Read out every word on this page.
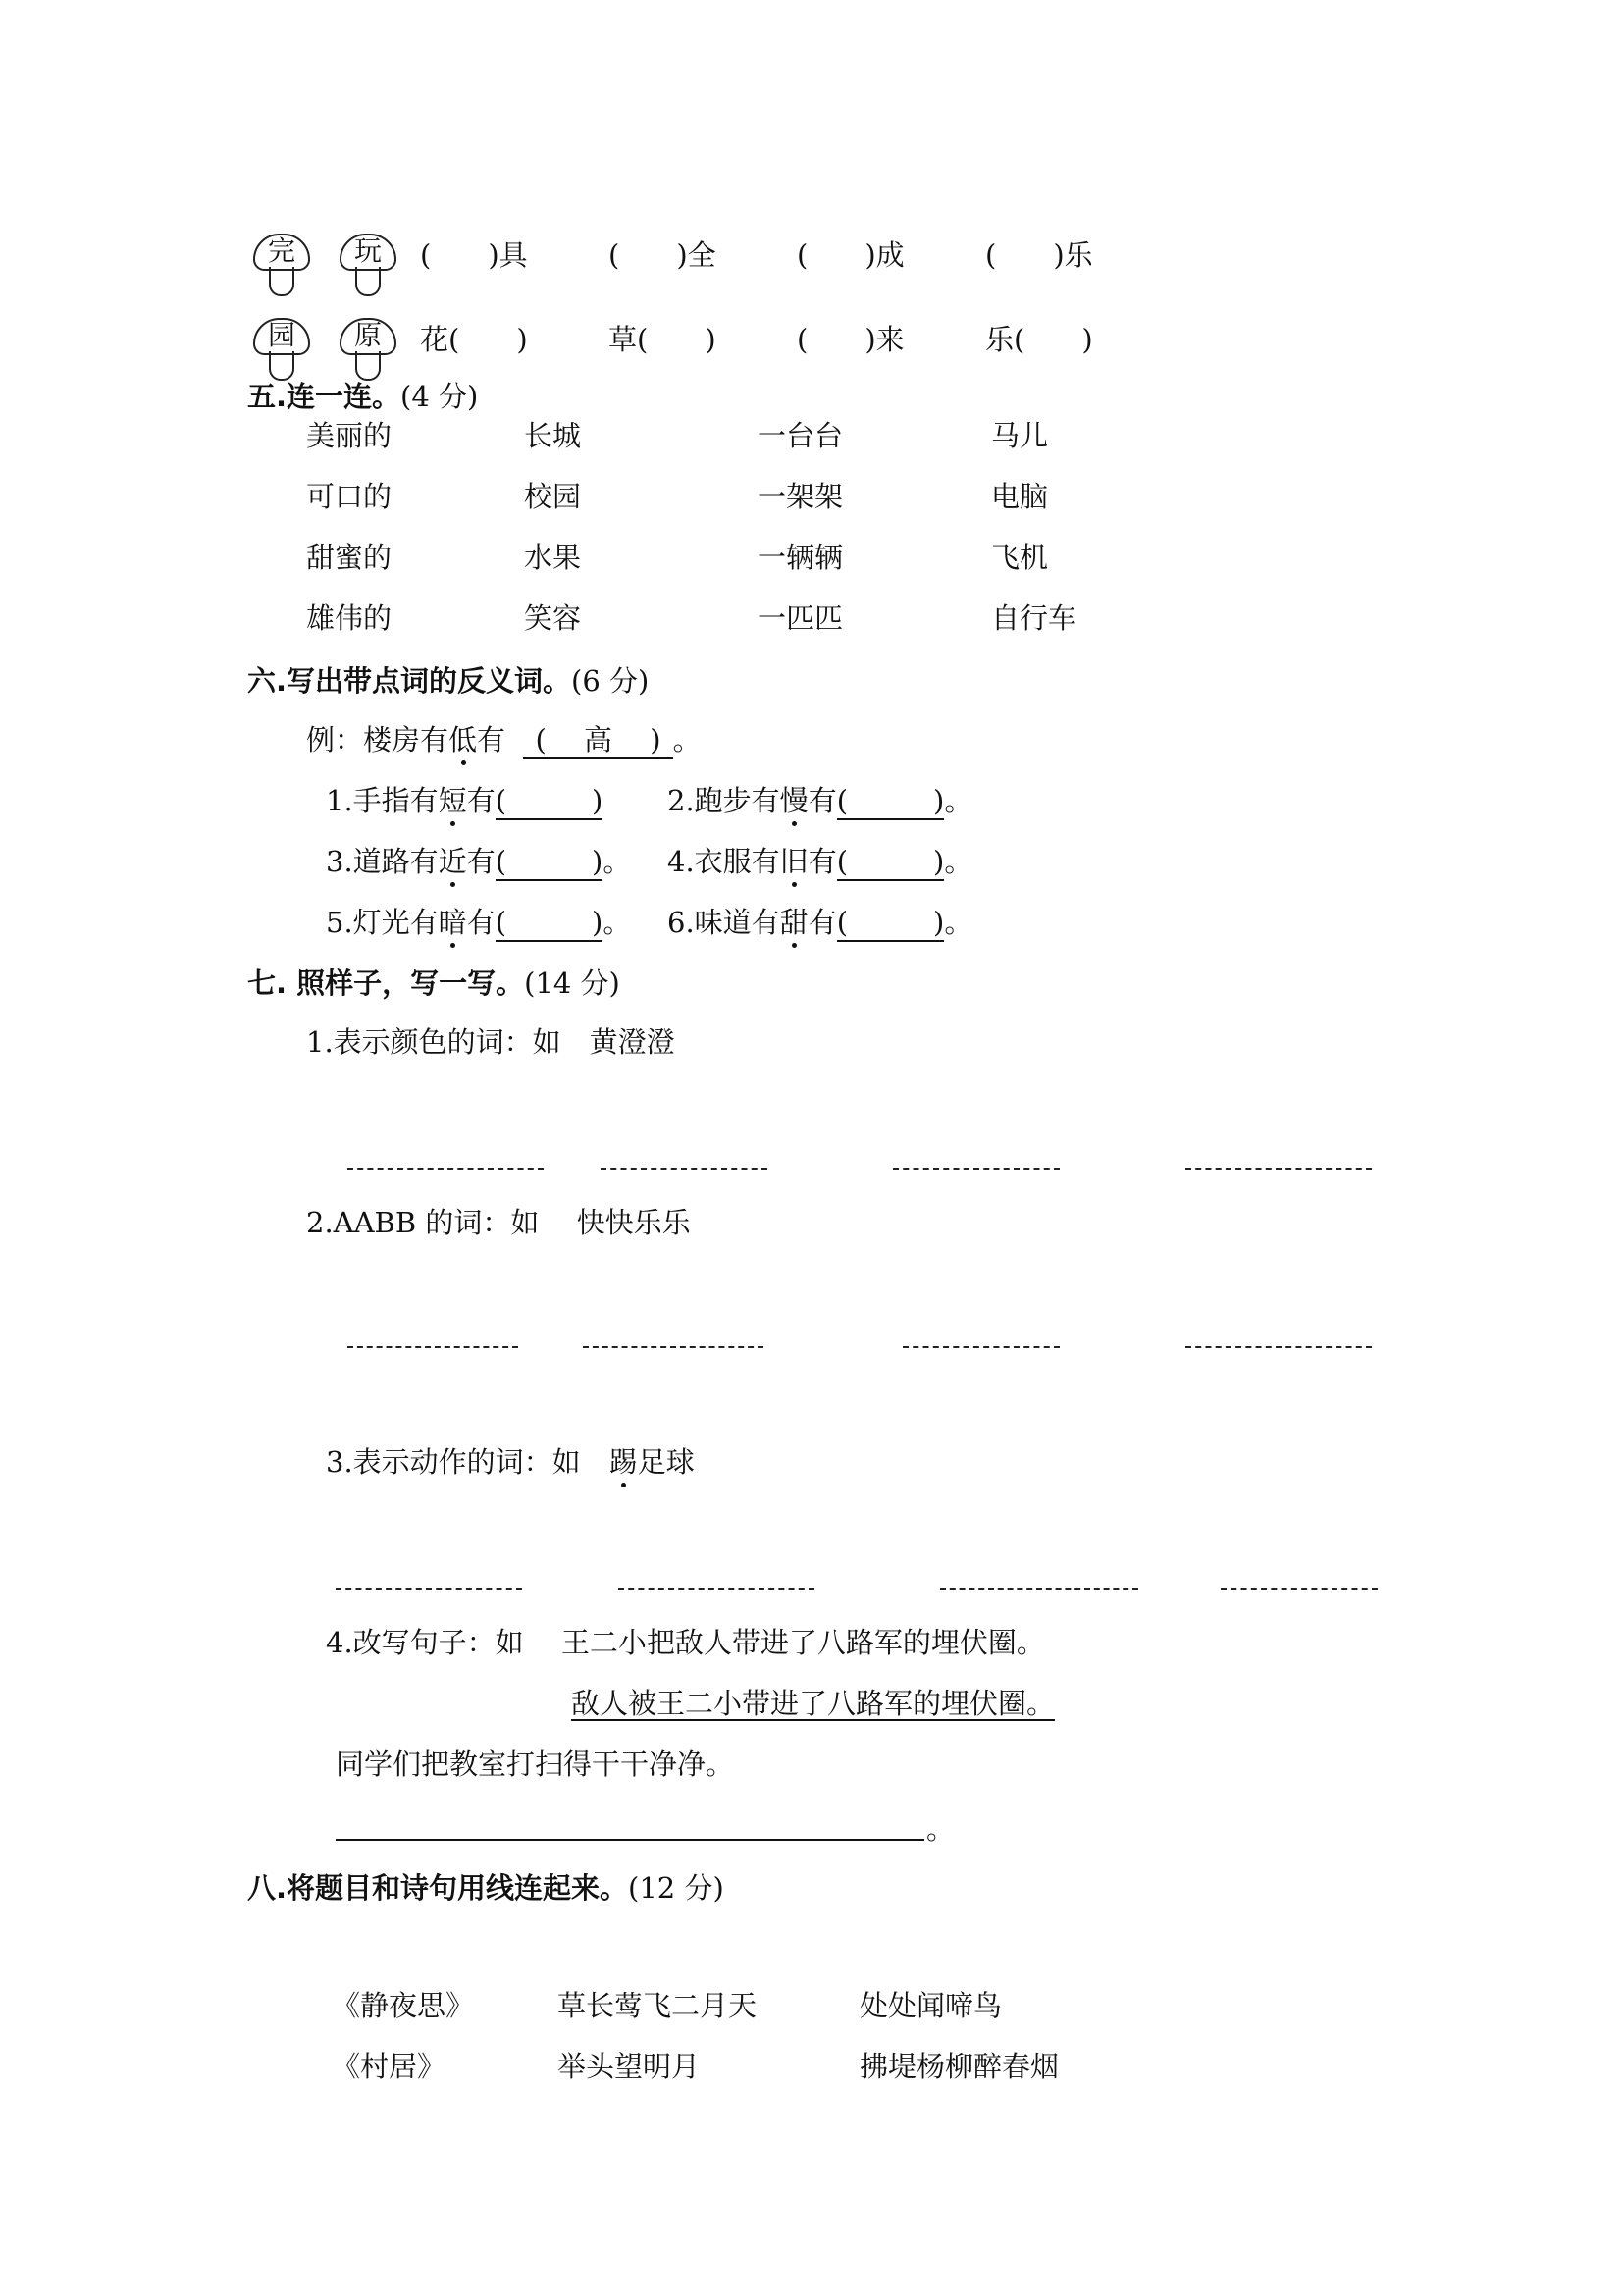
完	玩	(　　)具	(　　)全	(　　)成	(　　)乐
园	原	花(　　)	草(　　)	(　　)来	乐(　　)
五.连一连。(4 分)
美丽的	长城	一台台	马儿
可口的	校园	一架架	电脑
甜蜜的	水果	一辆辆	飞机
雄伟的	笑容	一匹匹	自行车
六.写出带点词的反义词。(6 分)
例：楼房有低有 (　 高　 ) 。
1.手指有短有(　　　) 2.跑步有慢有(　　　)。
3.道路有近有(　　　)。 4.衣服有旧有(　　　)。
5.灯光有暗有(　　　)。 6.味道有甜有(　　　)。
七. 照样子，写一写。(14 分)
1.表示颜色的词：如　黄澄澄
2.AABB 的词：如　 快快乐乐
3.表示动作的词：如　踢足球
4.改写句子：如　 王二小把敌人带进了八路军的埋伏圈。
敌人被王二小带进了八路军的埋伏圈。
同学们把教室打扫得干干净净。
。
八.将题目和诗句用线连起来。(12 分)
《静夜思》	草长莺飞二月天	处处闻啼鸟
《村居》	举头望明月	拂堤杨柳醉春烟
